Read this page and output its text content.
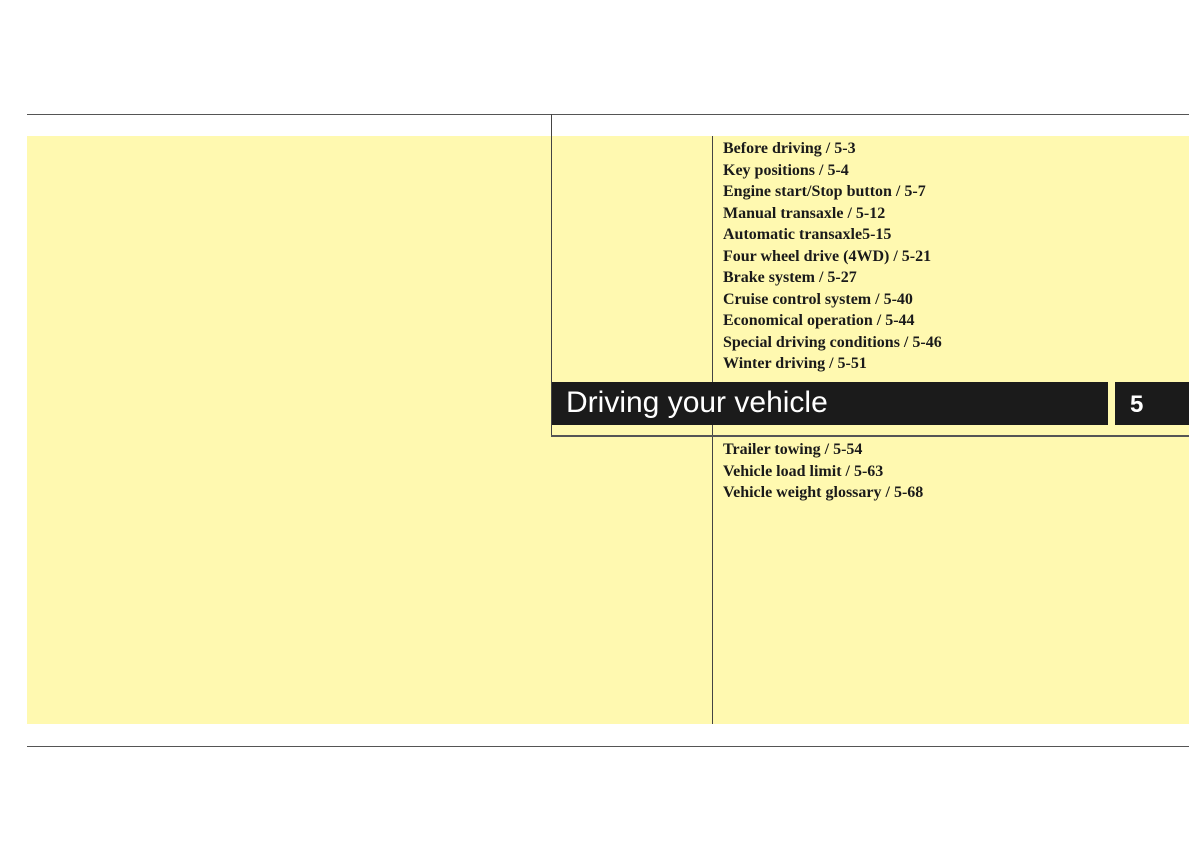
Before driving / 5-3
Key positions / 5-4
Engine start/Stop button / 5-7
Manual transaxle / 5-12
Automatic transaxle5-15
Four wheel drive (4WD) / 5-21
Brake system / 5-27
Cruise control system / 5-40
Economical operation / 5-44
Special driving conditions / 5-46
Winter driving / 5-51
Driving your vehicle	5
Trailer towing / 5-54
Vehicle load limit / 5-63
Vehicle weight glossary / 5-68
